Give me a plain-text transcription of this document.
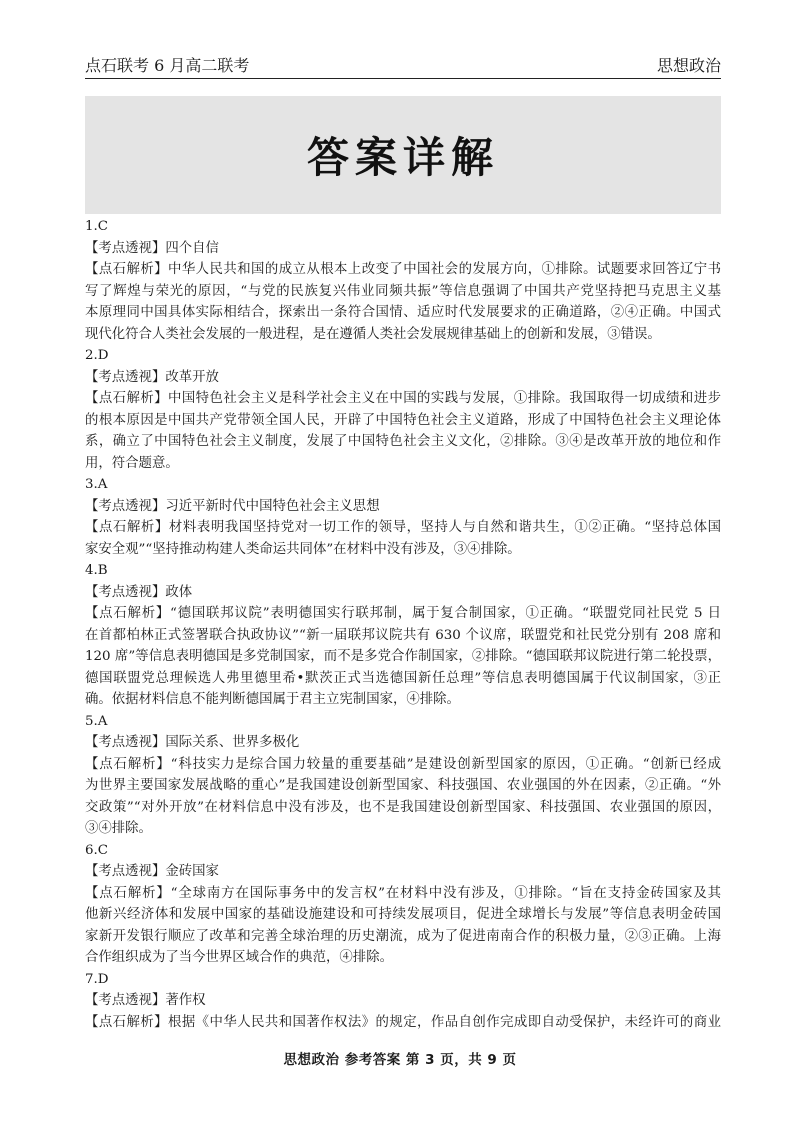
点石联考 6 月高二联考	思想政治
答案详解
1.C
【考点透视】四个自信
【点石解析】中华人民共和国的成立从根本上改变了中国社会的发展方向，①排除。试题要求回答辽宁书
写了辉煌与荣光的原因，“与党的民族复兴伟业同频共振”等信息强调了中国共产党坚持把马克思主义基
本原理同中国具体实际相结合，探索出一条符合国情、适应时代发展要求的正确道路，②④正确。中国式
现代化符合人类社会发展的一般进程，是在遵循人类社会发展规律基础上的创新和发展，③错误。
2.D
【考点透视】改革开放
【点石解析】中国特色社会主义是科学社会主义在中国的实践与发展，①排除。我国取得一切成绩和进步
的根本原因是中国共产党带领全国人民，开辟了中国特色社会主义道路，形成了中国特色社会主义理论体
系，确立了中国特色社会主义制度，发展了中国特色社会主义文化，②排除。③④是改革开放的地位和作
用，符合题意。
3.A
【考点透视】习近平新时代中国特色社会主义思想
【点石解析】材料表明我国坚持党对一切工作的领导，坚持人与自然和谐共生，①②正确。“坚持总体国
家安全观”“坚持推动构建人类命运共同体”在材料中没有涉及，③④排除。
4.B
【考点透视】政体
【点石解析】“德国联邦议院”表明德国实行联邦制，属于复合制国家，①正确。“联盟党同社民党 5 日
在首都柏林正式签署联合执政协议”“新一届联邦议院共有 630 个议席，联盟党和社民党分别有 208 席和
120 席”等信息表明德国是多党制国家，而不是多党合作制国家，②排除。“德国联邦议院进行第二轮投票，
德国联盟党总理候选人弗里德里希•默茨正式当选德国新任总理”等信息表明德国属于代议制国家，③正
确。依据材料信息不能判断德国属于君主立宪制国家，④排除。
5.A
【考点透视】国际关系、世界多极化
【点石解析】“科技实力是综合国力较量的重要基础”是建设创新型国家的原因，①正确。“创新已经成
为世界主要国家发展战略的重心”是我国建设创新型国家、科技强国、农业强国的外在因素，②正确。“外
交政策”“对外开放”在材料信息中没有涉及，也不是我国建设创新型国家、科技强国、农业强国的原因，
③④排除。
6.C
【考点透视】金砖国家
【点石解析】“全球南方在国际事务中的发言权”在材料中没有涉及，①排除。“旨在支持金砖国家及其
他新兴经济体和发展中国家的基础设施建设和可持续发展项目，促进全球增长与发展”等信息表明金砖国
家新开发银行顺应了改革和完善全球治理的历史潮流，成为了促进南南合作的积极力量，②③正确。上海
合作组织成为了当今世界区域合作的典范，④排除。
7.D
【考点透视】著作权
【点石解析】根据《中华人民共和国著作权法》的规定，作品自创作完成即自动受保护，未经许可的商业
思想政治 参考答案 第 3 页，共 9 页
